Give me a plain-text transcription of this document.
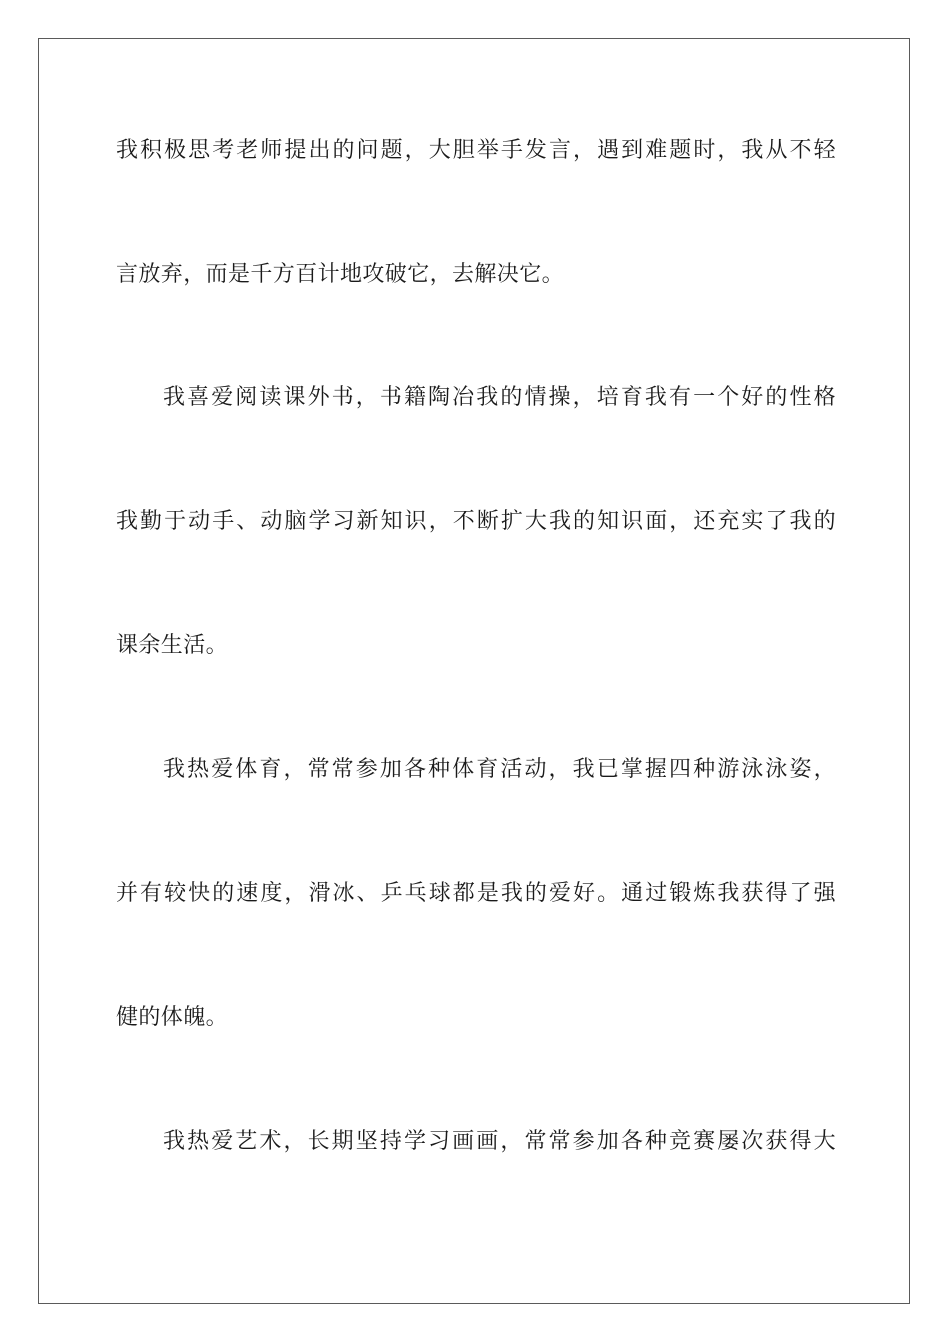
我积极思考老师提出的问题，大胆举手发言，遇到难题时，我从不轻
言放弃，而是千方百计地攻破它，去解决它。
我喜爱阅读课外书，书籍陶冶我的情操，培育我有一个好的性格
我勤于动手、动脑学习新知识，不断扩大我的知识面，还充实了我的
课余生活。
我热爱体育，常常参加各种体育活动，我已掌握四种游泳泳姿，
并有较快的速度，滑冰、乒乓球都是我的爱好。通过锻炼我获得了强
健的体魄。
我热爱艺术，长期坚持学习画画，常常参加各种竞赛屡次获得大
